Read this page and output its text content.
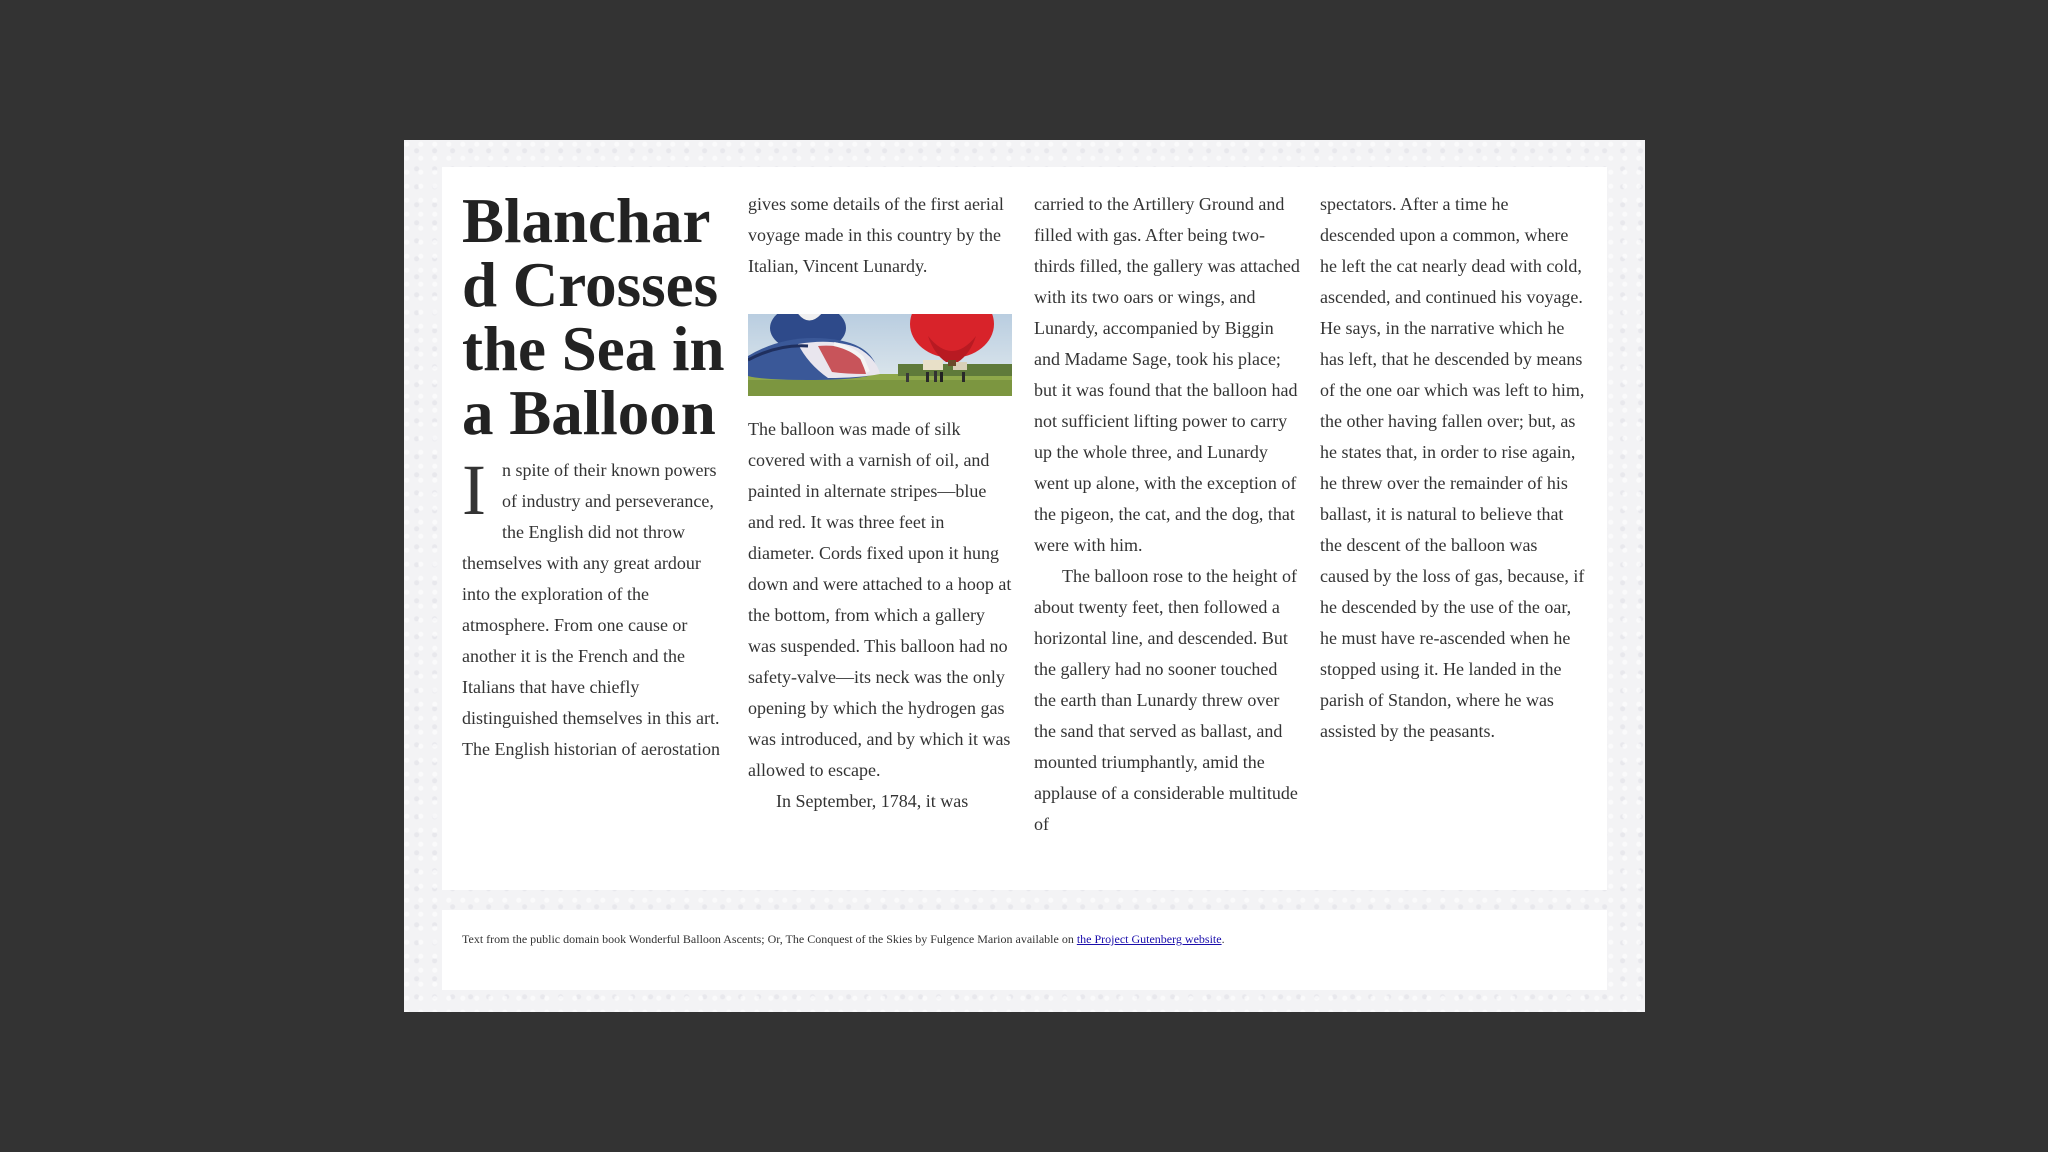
Blanchard Crosses the Sea in a Balloon

In spite of their known powers of industry and perseverance, the English did not throw themselves with any great ardour into the exploration of the atmosphere. From one cause or another it is the French and the Italians that have chiefly distinguished themselves in this art. The English historian of aerostation

gives some details of the first aerial voyage made in this country by the Italian, Vincent Lunardy.

The balloon was made of silk covered with a varnish of oil, and painted in alternate stripes—blue and red. It was three feet in diameter. Cords fixed upon it hung down and were attached to a hoop at the bottom, from which a gallery was suspended. This balloon had no safety-valve—its neck was the only opening by which the hydrogen gas was introduced, and by which it was allowed to escape.

In September, 1784, it was

carried to the Artillery Ground and filled with gas. After being two-thirds filled, the gallery was attached with its two oars or wings, and Lunardy, accompanied by Biggin and Madame Sage, took his place; but it was found that the balloon had not sufficient lifting power to carry up the whole three, and Lunardy went up alone, with the exception of the pigeon, the cat, and the dog, that were with him.

The balloon rose to the height of about twenty feet, then followed a horizontal line, and descended. But the gallery had no sooner touched the earth than Lunardy threw over the sand that served as ballast, and mounted triumphantly, amid the applause of a considerable multitude of

spectators. After a time he descended upon a common, where he left the cat nearly dead with cold, ascended, and continued his voyage. He says, in the narrative which he has left, that he descended by means of the one oar which was left to him, the other having fallen over; but, as he states that, in order to rise again, he threw over the remainder of his ballast, it is natural to believe that the descent of the balloon was caused by the loss of gas, because, if he descended by the use of the oar, he must have re-ascended when he stopped using it. He landed in the parish of Standon, where he was assisted by the peasants.

Text from the public domain book Wonderful Balloon Ascents; Or, The Conquest of the Skies by Fulgence Marion available on the Project Gutenberg website.
